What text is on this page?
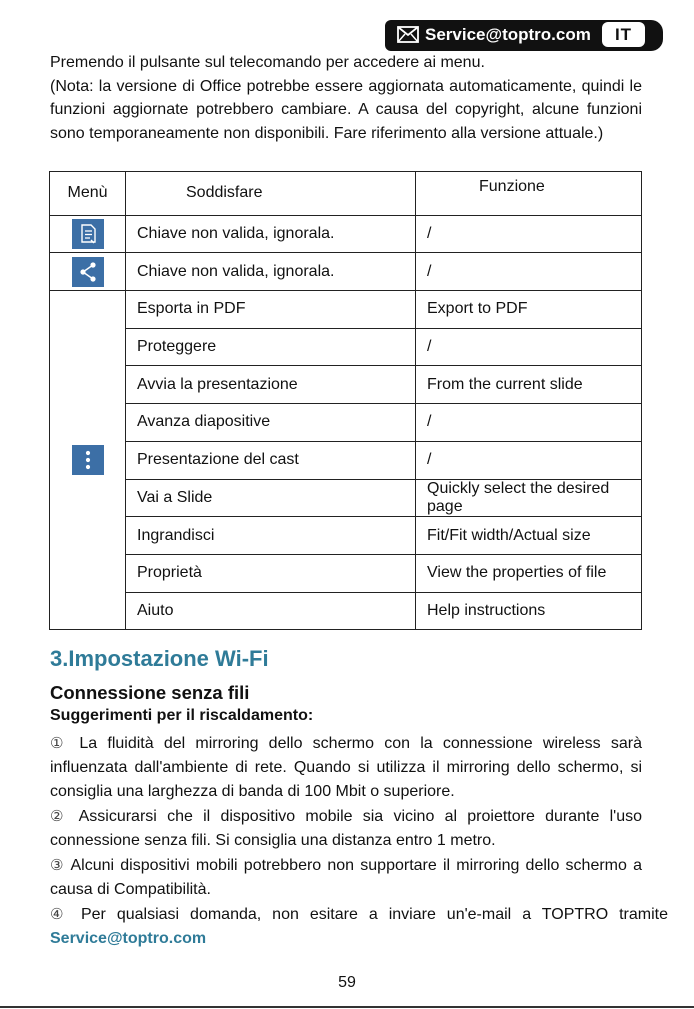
Service@toptro.com	IT

Premendo il pulsante sul telecomando per accedere ai menu.

(Nota: la versione di Office potrebbe essere aggiornata automaticamente, quindi le funzioni aggiornate potrebbero cambiare. A causa del copyright, alcune funzioni sono temporaneamente non disponibili. Fare riferimento alla versione attuale.)

Menù	Soddisfare	Funzione

	Chiave non valida, ignorala.	/

	Chiave non valida, ignorala.	/

	Esporta in PDF	Export to PDF
	Proteggere	/
	Avvia la presentazione	From the current slide
	Avanza diapositive	/
	Presentazione del cast	/
	Vai a Slide	Quickly select the desired page
	Ingrandisci	Fit/Fit width/Actual size
	Proprietà	View the properties of file
	Aiuto	Help instructions
3.Impostazione Wi-Fi
Connessione senza fili
Suggerimenti per il riscaldamento:

① La fluidità del mirroring dello schermo con la connessione wireless sarà influenzata dall'ambiente di rete. Quando si utilizza il mirroring dello schermo, si consiglia una larghezza di banda di 100 Mbit o superiore.

② Assicurarsi che il dispositivo mobile sia vicino al proiettore durante l'uso connessione senza fili. Si consiglia una distanza entro 1 metro.

③ Alcuni dispositivi mobili potrebbero non supportare il mirroring dello schermo a causa di Compatibilità.

④ Per qualsiasi domanda, non esitare a inviare un'e-mail a TOPTRO tramite

Service@toptro.com

59
